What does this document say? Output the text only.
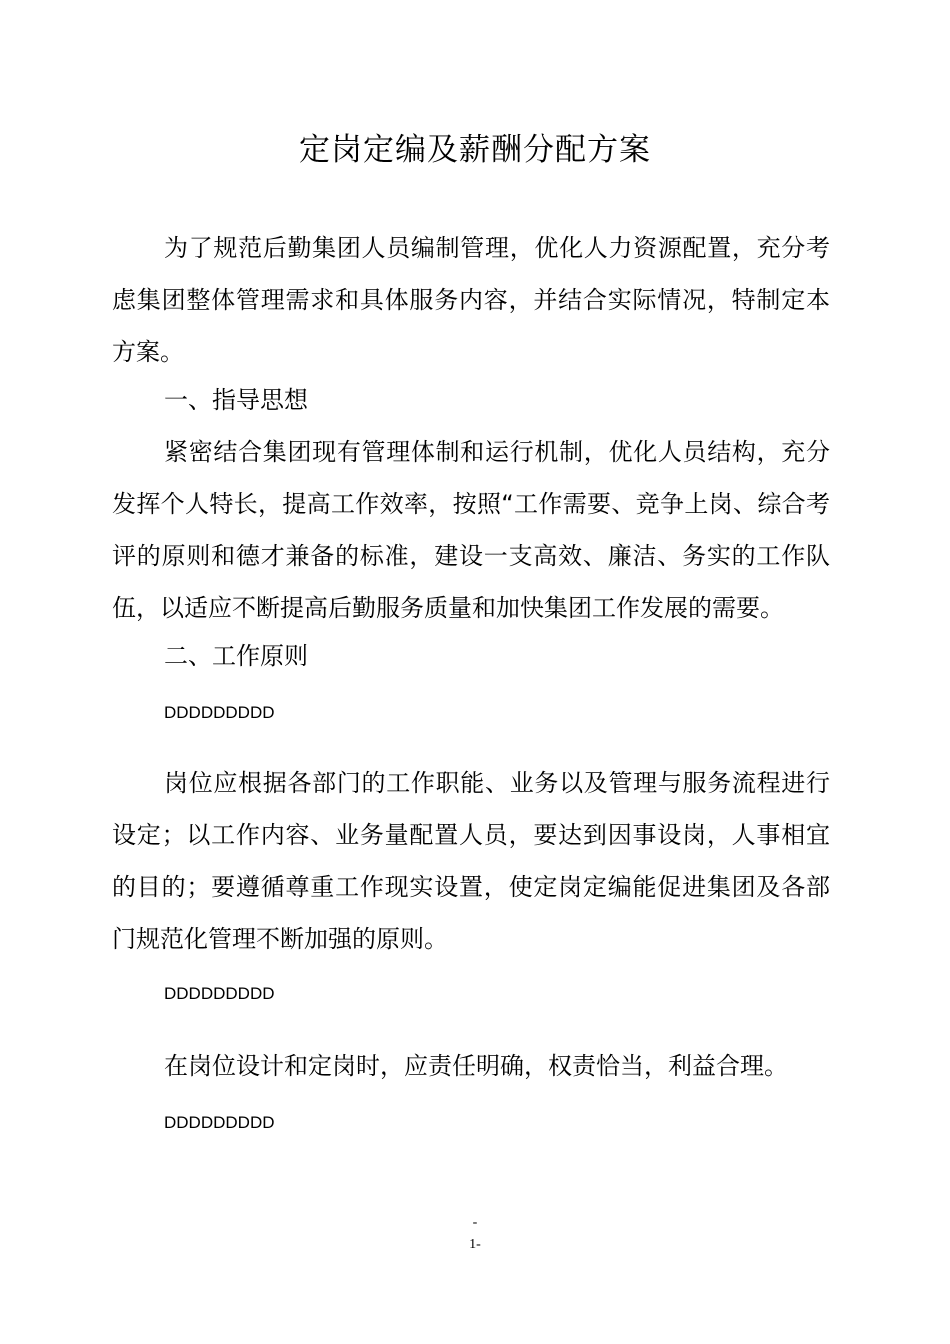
定岗定编及薪酬分配方案
为了规范后勤集团人员编制管理，优化人力资源配置，充分考虑集团整体管理需求和具体服务内容，并结合实际情况，特制定本方案。
一、指导思想
紧密结合集团现有管理体制和运行机制，优化人员结构，充分发挥个人特长，提高工作效率，按照“工作需要、竞争上岗、综合考评的原则和德才兼备的标准，建设一支高效、廉洁、务实的工作队伍，以适应不断提高后勤服务质量和加快集团工作发展的需要。
二、工作原则
DDDDDDDDD
岗位应根据各部门的工作职能、业务以及管理与服务流程进行设定；以工作内容、业务量配置人员，要达到因事设岗，人事相宜的目的；要遵循尊重工作现实设置，使定岗定编能促进集团及各部门规范化管理不断加强的原则。
DDDDDDDDD
在岗位设计和定岗时，应责任明确，权责恰当，利益合理。
DDDDDDDDD
-
1-
